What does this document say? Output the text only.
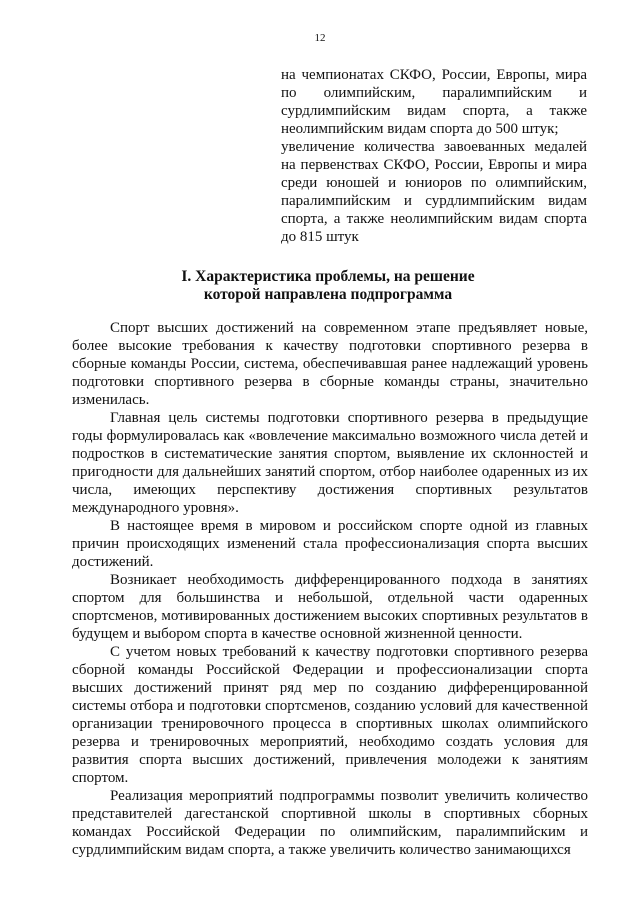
12

на чемпионатах СКФО, России, Европы, мира по олимпийским, паралимпийским и сурдлимпийским видам спорта, а также неолимпийским видам спорта до 500 штук;

увеличение количества завоеванных медалей на первенствах СКФО, России, Европы и мира среди юношей и юниоров по олимпийским, паралимпийским и сурдлимпийским видам спорта, а также неолимпийским видам спорта до 815 штук

I. Характеристика проблемы, на решение
которой направлена подпрограмма

Спорт высших достижений на современном этапе предъявляет новые, более высокие требования к качеству подготовки спортивного резерва в сборные команды России, система, обеспечивавшая ранее надлежащий уровень подготовки спортивного резерва в сборные команды страны, значительно изменилась.

Главная цель системы подготовки спортивного резерва в предыдущие годы формулировалась как «вовлечение максимально возможного числа детей и подростков в систематические занятия спортом, выявление их склонностей и пригодности для дальнейших занятий спортом, отбор наиболее одаренных из их числа, имеющих перспективу достижения спортивных результатов международного уровня».

В настоящее время в мировом и российском спорте одной из главных причин происходящих изменений стала профессионализация спорта высших достижений.

Возникает необходимость дифференцированного подхода в занятиях спортом для большинства и небольшой, отдельной части одаренных спортсменов, мотивированных достижением высоких спортивных результатов в будущем и выбором спорта в качестве основной жизненной ценности.

С учетом новых требований к качеству подготовки спортивного резерва сборной команды Российской Федерации и профессионализации спорта высших достижений принят ряд мер по созданию дифференцированной системы отбора и подготовки спортсменов, созданию условий для качественной организации тренировочного процесса в спортивных школах олимпийского резерва и тренировочных мероприятий, необходимо создать условия для развития спорта высших достижений, привлечения молодежи к занятиям спортом.

Реализация мероприятий подпрограммы позволит увеличить количество представителей дагестанской спортивной школы в спортивных сборных командах Российской Федерации по олимпийским, паралимпийским и сурдлимпийским видам спорта, а также увеличить количество занимающихся
